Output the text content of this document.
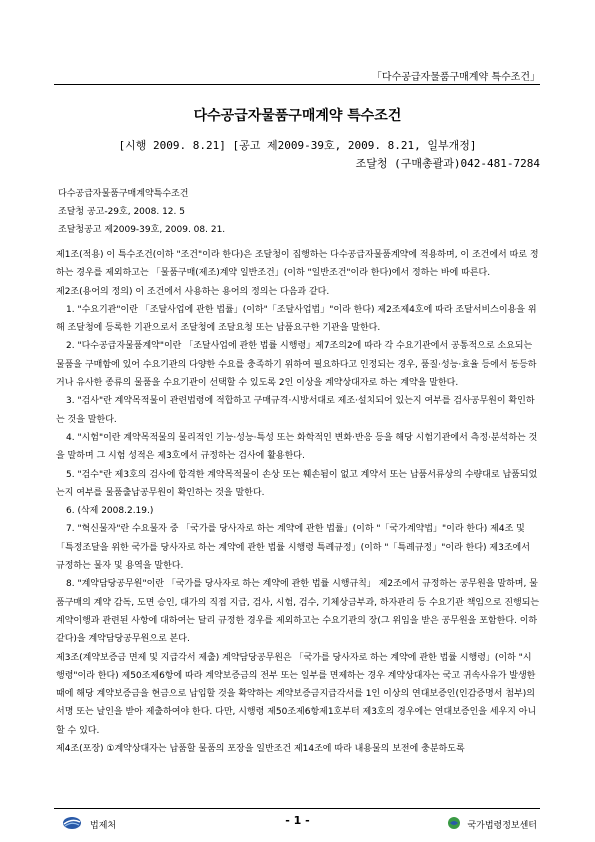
「다수공급자물품구매계약 특수조건」
다수공급자물품구매계약 특수조건
[시행 2009. 8.21] [공고 제2009-39호, 2009. 8.21, 일부개정]
조달청 (구매총괄과)042-481-7284
다수공급자물품구매계약특수조건
조달청 공고-29호, 2008. 12. 5
조달청공고 제2009-39호, 2009. 08. 21.

제1조(적용) 이 특수조건(이하 "조건"이라 한다)은 조달청이 집행하는 다수공급자물품계약에 적용하며, 이 조건에서 따로 정하는 경우를 제외하고는 「물품구매(제조)계약 일반조건」(이하 "일반조건"이라 한다)에서 정하는 바에 따른다.

제2조(용어의 정의) 이 조건에서 사용하는 용어의 정의는 다음과 같다.

1. "수요기관"이란 「조달사업에 관한 법률」(이하"「조달사업법」"이라 한다) 제2조제4호에 따라 조달서비스이용을 위해 조달청에 등록한 기관으로서 조달청에 조달요청 또는 납품요구한 기관을 말한다.

2. "다수공급자물품계약"이란 「조달사업에 관한 법률 시행령」제7조의2에 따라 각 수요기관에서 공통적으로 소요되는 물품을 구매함에 있어 수요기관의 다양한 수요를 충족하기 위하여 필요하다고 인정되는 경우, 품질·성능·효율 등에서 동등하거나 유사한 종류의 물품을 수요기관이 선택할 수 있도록 2인 이상을 계약상대자로 하는 계약을 말한다.

3. "검사"란 계약목적물이 관련법령에 적합하고 구매규격·시방서대로 제조·설치되어 있는지 여부를 검사공무원이 확인하는 것을 말한다.

4. "시험"이란 계약목적물의 물리적인 기능·성능·특성 또는 화학적인 변화·반응 등을 해당 시험기관에서 측정·분석하는 것을 말하며 그 시험 성적은 제3호에서 규정하는 검사에 활용한다.

5. "검수"란 제3호의 검사에 합격한 계약목적물이 손상 또는 훼손됨이 없고 계약서 또는 납품서류상의 수량대로 납품되었는지 여부를 물품출납공무원이 확인하는 것을 말한다.

6. (삭제 2008.2.19.)

7. "혁신물자"란 수요물자 중 「국가를 당사자로 하는 계약에 관한 법률」(이하 "「국가계약법」"이라 한다) 제4조 및 「특정조달을 위한 국가를 당사자로 하는 계약에 관한 법률 시행령 특례규정」(이하 "「특례규정」"이라 한다) 제3조에서 규정하는 물자 및 용역을 말한다.

8. "계약담당공무원"이란 「국가를 당사자로 하는 계약에 관한 법률 시행규칙」 제2조에서 규정하는 공무원을 말하며, 물품구매의 계약 감독, 도면 승인, 대가의 직접 지급, 검사, 시험, 검수, 기체상금부과, 하자관리 등 수요기관 책임으로 진행되는 계약이행과 관련된 사항에 대하여는 달리 규정한 경우를 제외하고는 수요기관의 장(그 위임을 받은 공무원을 포함한다. 이하 같다)을 계약담당공무원으로 본다.

제3조(계약보증금 면제 및 지급각서 제출) 계약담당공무원은 「국가를 당사자로 하는 계약에 관한 법률 시행령」(이하 "시행령"이라 한다) 제50조제6항에 따라 계약보증금의 전부 또는 일부를 면제하는 경우 계약상대자는 국고 귀속사유가 발생한 때에 해당 계약보증금을 현금으로 납입할 것을 확약하는 계약보증금지급각서를 1인 이상의 연대보증인(인감증명서 첨부)의 서명 또는 날인을 받아 제출하여야 한다. 다만, 시행령 제50조제6항제1호부터 제3호의 경우에는 연대보증인을 세우지 아니할 수 있다.

제4조(포장) ①계약상대자는 납품할 물품의 포장을 일반조건 제14조에 따라 내용물의 보전에 충분하도록

법제처	- 1 -	국가법령정보센터
